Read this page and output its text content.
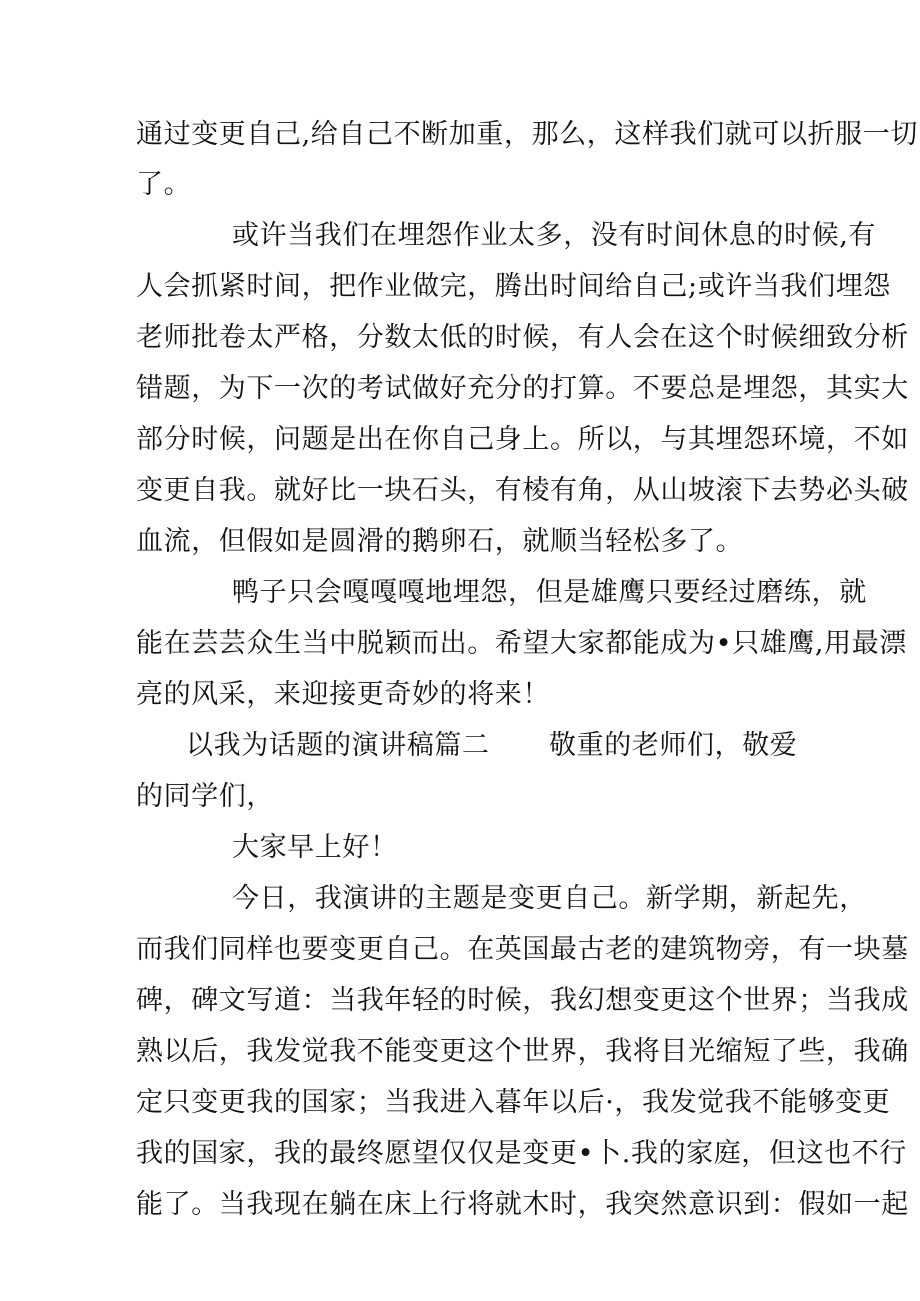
通过变更自己,给自己不断加重，那么，这样我们就可以折服一切
了。
或许当我们在埋怨作业太多，没有时间休息的时候,有
人会抓紧时间，把作业做完，腾出时间给自己;或许当我们埋怨
老师批卷太严格，分数太低的时候，有人会在这个时候细致分析
错题，为下一次的考试做好充分的打算。不要总是埋怨，其实大
部分时候，问题是出在你自己身上。所以，与其埋怨环境，不如
变更自我。就好比一块石头，有棱有角，从山坡滚下去势必头破
血流，但假如是圆滑的鹅卵石，就顺当轻松多了。
鸭子只会嘎嘎嘎地埋怨，但是雄鹰只要经过磨练，就
能在芸芸众生当中脱颖而出。希望大家都能成为•只雄鹰,用最漂
亮的风采，来迎接更奇妙的将来！
以我为话题的演讲稿篇二 敬重的老师们，敬爱
的同学们，
大家早上好！
今日，我演讲的主题是变更自己。新学期，新起先，
而我们同样也要变更自己。在英国最古老的建筑物旁，有一块墓
碑，碑文写道：当我年轻的时候，我幻想变更这个世界；当我成
熟以后，我发觉我不能变更这个世界，我将目光缩短了些，我确
定只变更我的国家；当我进入暮年以后·，我发觉我不能够变更
我的国家，我的最终愿望仅仅是变更•卜.我的家庭，但这也不行
能了。当我现在躺在床上行将就木时，我突然意识到：假如一起
